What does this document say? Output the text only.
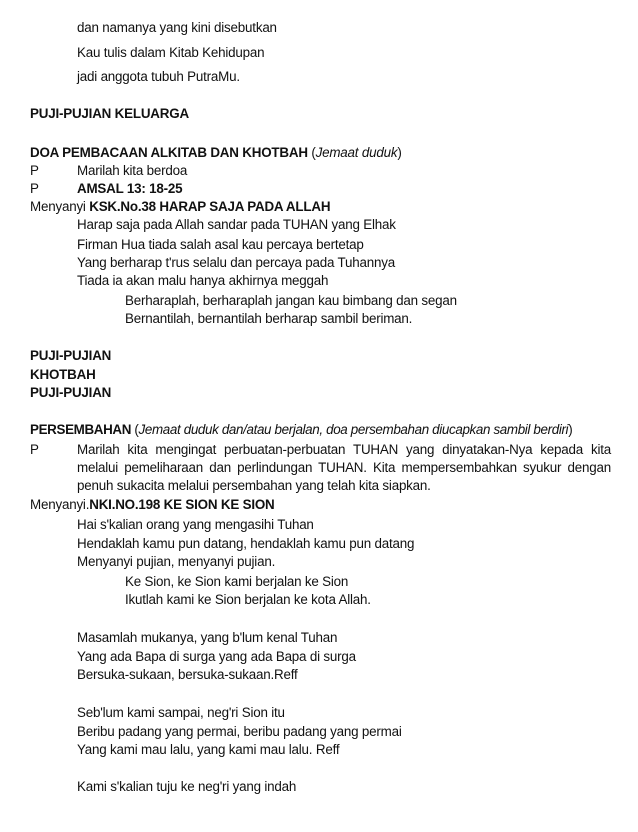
dan namanya yang kini disebutkan
Kau tulis dalam Kitab Kehidupan
jadi anggota tubuh PutraMu.
PUJI-PUJIAN KELUARGA
DOA PEMBACAAN ALKITAB DAN KHOTBAH (Jemaat duduk)
P	Marilah kita berdoa
P	AMSAL 13: 18-25
Menyanyi KSK.No.38 HARAP SAJA PADA ALLAH
Harap saja pada Allah sandar pada TUHAN yang Elhak
Firman Hua tiada salah asal kau percaya bertetap
Yang berharap t'rus selalu dan percaya pada Tuhannya
Tiada ia akan malu hanya akhirnya meggah
Berharaplah, berharaplah jangan kau bimbang dan segan
Bernantilah, bernantilah berharap sambil beriman.
PUJI-PUJIAN
KHOTBAH
PUJI-PUJIAN
PERSEMBAHAN (Jemaat duduk dan/atau berjalan, doa persembahan diucapkan sambil berdiri)
P	Marilah kita mengingat perbuatan-perbuatan TUHAN yang dinyatakan-Nya kepada kita
melalui pemeliharaan dan perlindungan TUHAN. Kita mempersembahkan syukur dengan
penuh sukacita melalui persembahan yang telah kita siapkan.
Menyanyi.NKI.NO.198 KE SION KE SION
Hai s'kalian orang yang mengasihi Tuhan
Hendaklah kamu pun datang, hendaklah kamu pun datang
Menyanyi pujian, menyanyi pujian.
Ke Sion, ke Sion kami berjalan ke Sion
Ikutlah kami ke Sion berjalan ke kota Allah.
Masamlah mukanya, yang b'lum kenal Tuhan
Yang ada Bapa di surga yang ada Bapa di surga
Bersuka-sukaan, bersuka-sukaan.Reff
Seb'lum kami sampai, neg'ri Sion itu
Beribu padang yang permai, beribu padang yang permai
Yang kami mau lalu, yang kami mau lalu. Reff
Kami s'kalian tuju ke neg'ri yang indah
